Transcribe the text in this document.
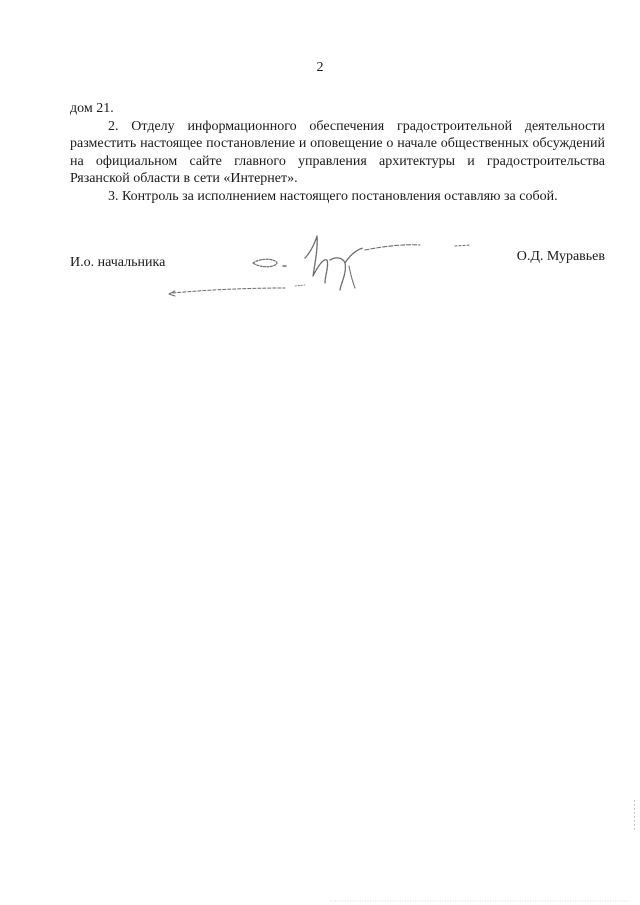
2

дом 21.

2. Отделу информационного обеспечения градостроительной деятельности разместить настоящее постановление и оповещение о начале общественных обсуждений на официальном сайте главного управления архитектуры и градостроительства Рязанской области в сети «Интернет».

3. Контроль за исполнением настоящего постановления оставляю за собой.

И.о. начальника	О.Д. Муравьев
